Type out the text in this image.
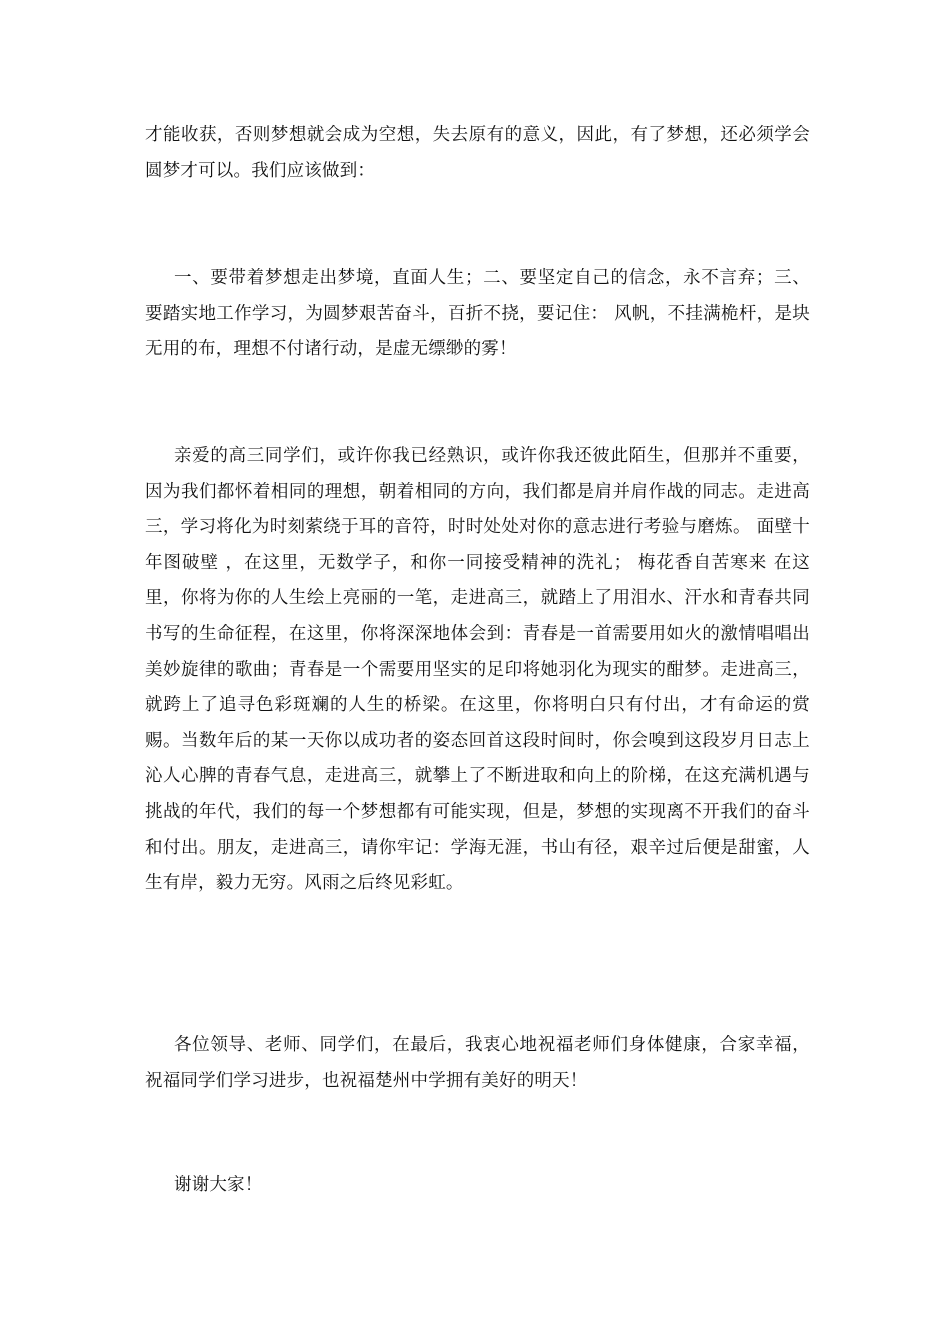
才能收获，否则梦想就会成为空想，失去原有的意义，因此，有了梦想，还必须学会圆梦才可以。我们应该做到：

一、要带着梦想走出梦境，直面人生；二、要坚定自己的信念，永不言弃；三、要踏实地工作学习，为圆梦艰苦奋斗，百折不挠，要记住： 风帆，不挂满桅杆，是块无用的布，理想不付诸行动，是虚无缥缈的雾！

亲爱的高三同学们，或许你我已经熟识，或许你我还彼此陌生，但那并不重要，因为我们都怀着相同的理想，朝着相同的方向，我们都是肩并肩作战的同志。走进高三，学习将化为时刻萦绕于耳的音符，时时处处对你的意志进行考验与磨炼。 面壁十年图破壁 ，在这里，无数学子，和你一同接受精神的洗礼； 梅花香自苦寒来 在这里，你将为你的人生绘上亮丽的一笔，走进高三，就踏上了用泪水、汗水和青春共同书写的生命征程，在这里，你将深深地体会到：青春是一首需要用如火的激情唱唱出美妙旋律的歌曲；青春是一个需要用坚实的足印将她羽化为现实的酣梦。走进高三，就跨上了追寻色彩斑斓的人生的桥梁。在这里，你将明白只有付出，才有命运的赏赐。当数年后的某一天你以成功者的姿态回首这段时间时，你会嗅到这段岁月日志上沁人心脾的青春气息，走进高三，就攀上了不断进取和向上的阶梯，在这充满机遇与挑战的年代，我们的每一个梦想都有可能实现，但是，梦想的实现离不开我们的奋斗和付出。朋友，走进高三，请你牢记：学海无涯，书山有径，艰辛过后便是甜蜜，人生有岸，毅力无穷。风雨之后终见彩虹。

各位领导、老师、同学们，在最后，我衷心地祝福老师们身体健康，合家幸福，祝福同学们学习进步，也祝福楚州中学拥有美好的明天！

谢谢大家！
